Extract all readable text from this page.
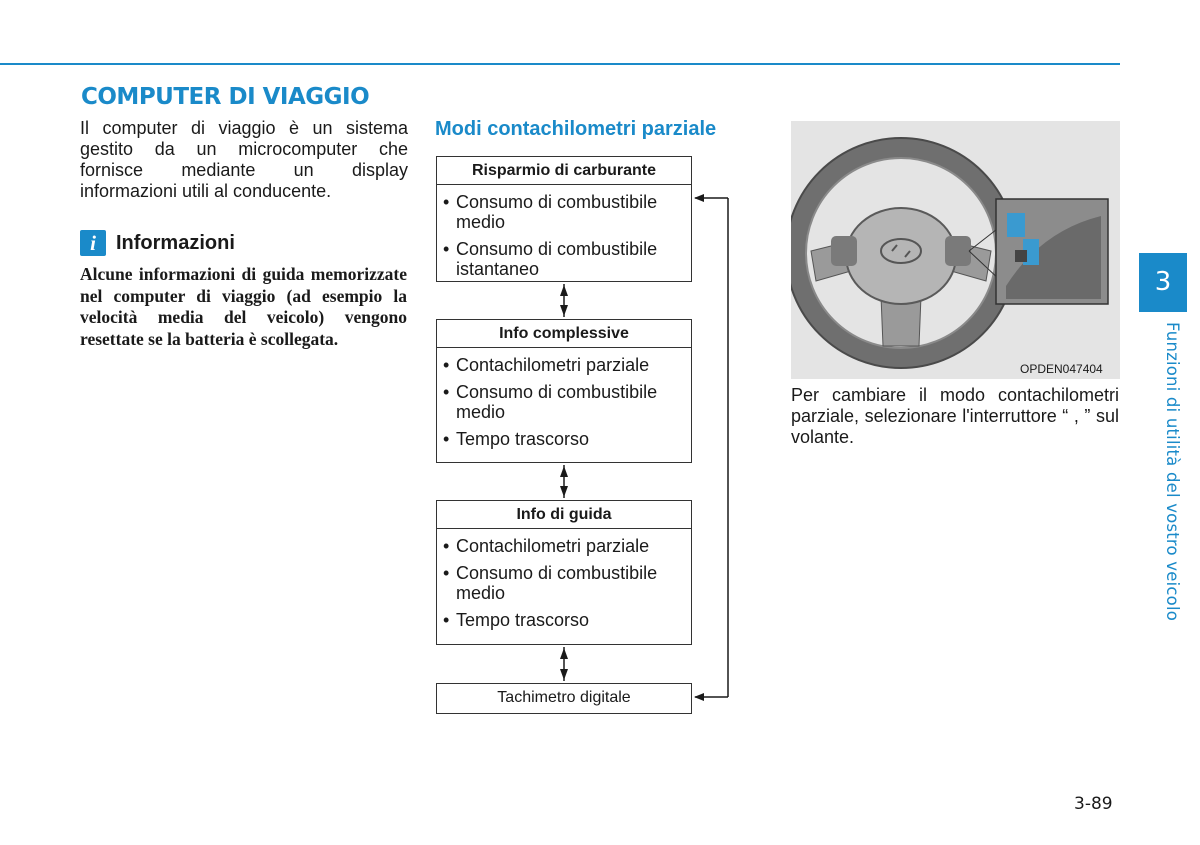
COMPUTER DI VIAGGIO

Il computer di viaggio è un sistema gestito da un microcomputer che fornisce mediante un display informazioni utili al conducente.

i	Informazioni

Alcune informazioni di guida memorizzate nel computer di viaggio (ad esempio la velocità media del veicolo) vengono resettate se la batteria è scollegata.

Modi contachilometri parziale
Risparmio di carburante
• Consumo di combustibile medio
• Consumo di combustibile istantaneo
Info complessive
• Contachilometri parziale
• Consumo di combustibile medio
• Tempo trascorso
Info di guida
• Contachilometri parziale
• Consumo di combustibile medio
• Tempo trascorso
Tachimetro digitale

OPDEN047404

Per cambiare il modo contachilometri parziale, selezionare l'interruttore “ , ” sul volante.

3
Funzioni di utilità del vostro veicolo

3-89
